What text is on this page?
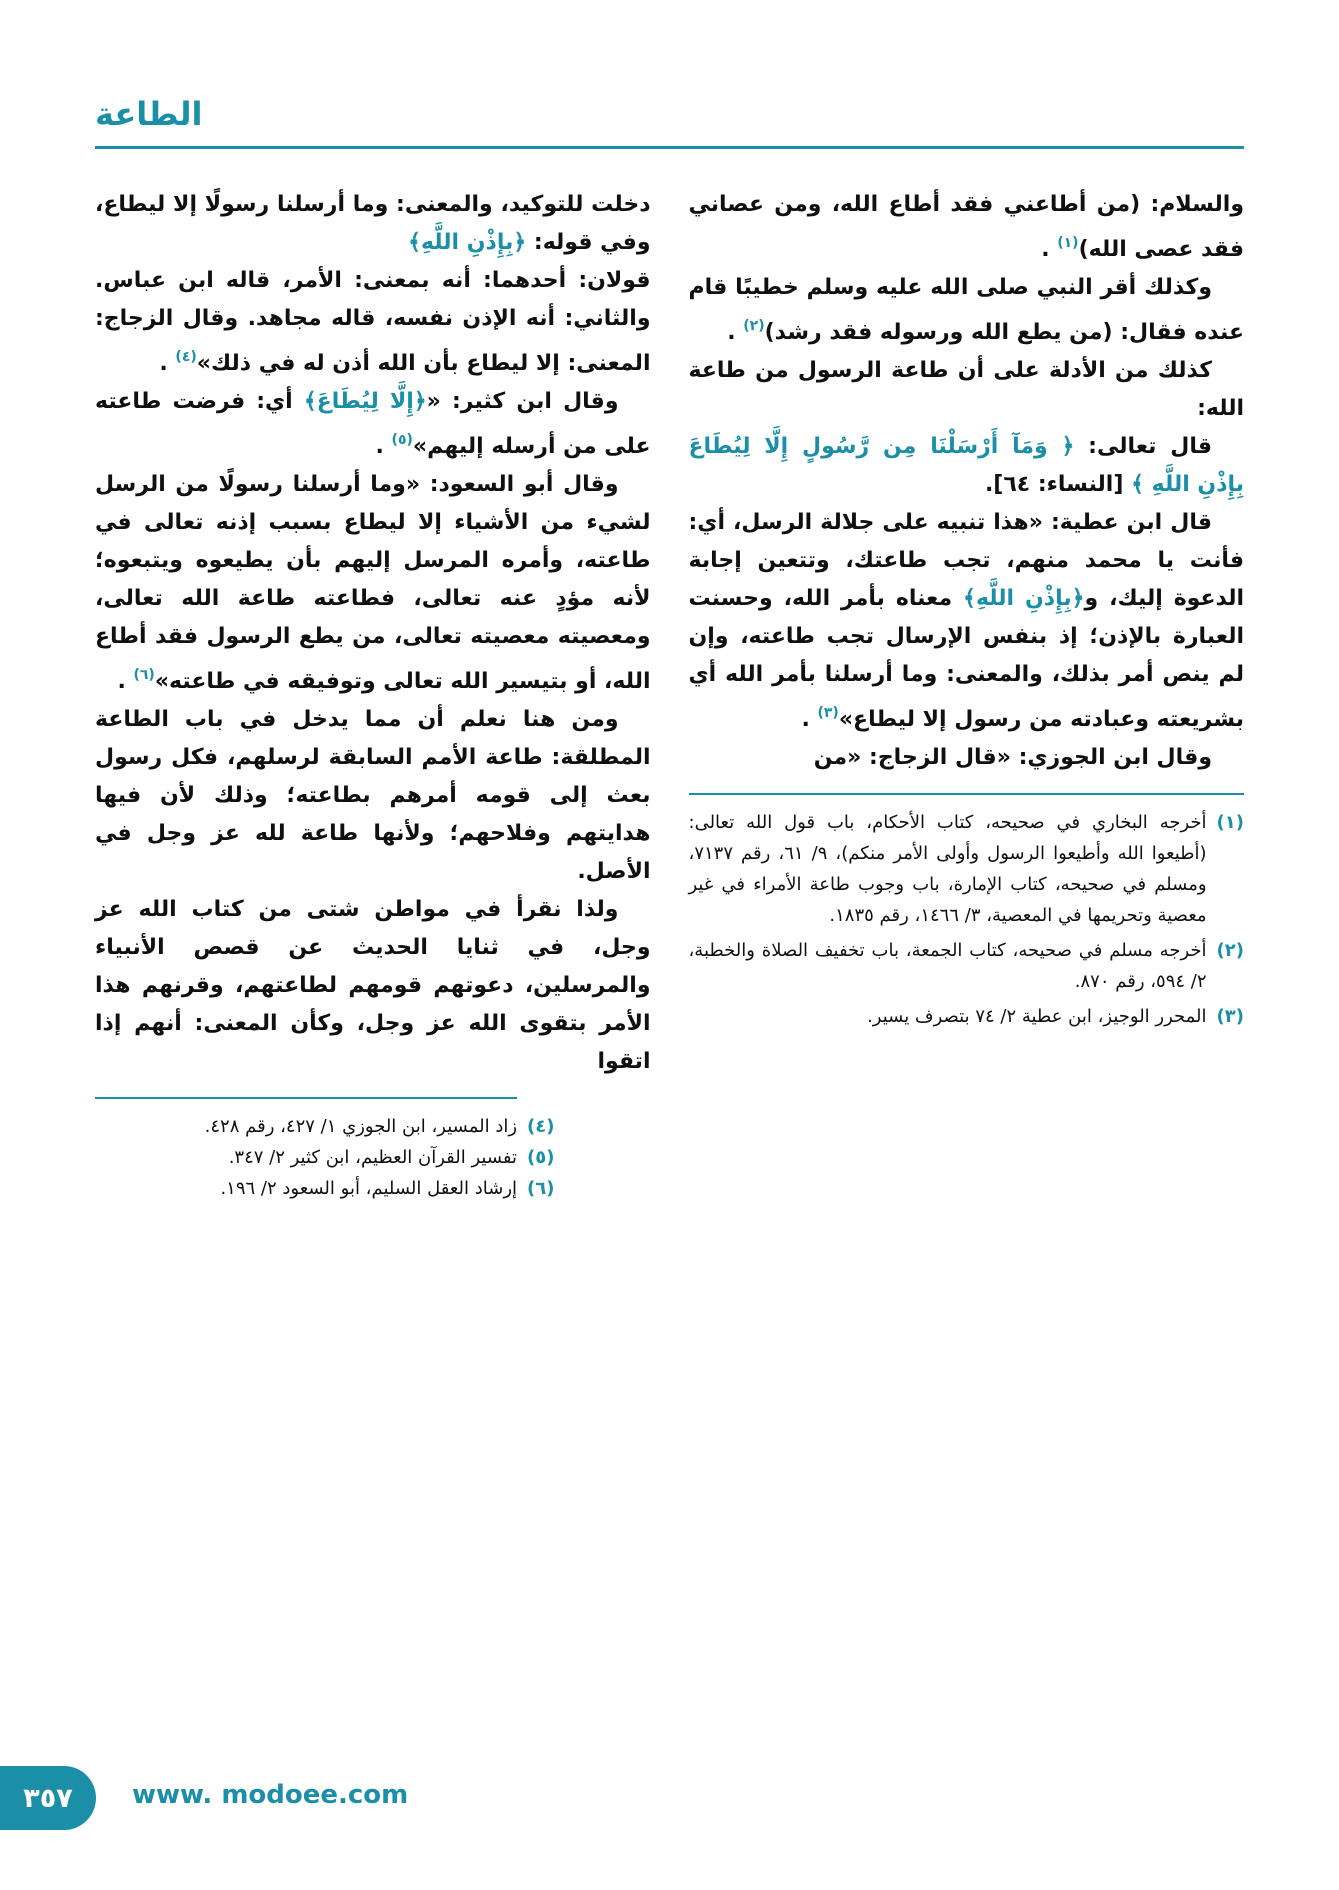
الطاعة

والسلام: (من أطاعني فقد أطاع الله، ومن عصاني فقد عصى الله)$^{(١)}$ .

وكذلك أقر النبي صلى الله عليه وسلم خطيبًا قام عنده فقال: (من يطع الله ورسوله فقد رشد)$^{(٢)}$ .

كذلك من الأدلة على أن طاعة الرسول من طاعة الله:

قال تعالى: ﴿ وَمَآ أَرْسَلْنَا مِن رَّسُولٍ إِلَّا لِيُطَاعَ بِإِذْنِ اللَّهِ ﴾ [النساء: ٦٤].

قال ابن عطية: «هذا تنبيه على جلالة الرسل، أي: فأنت يا محمد منهم، تجب طاعتك، وتتعين إجابة الدعوة إليك، و﴿بِإِذْنِ اللَّهِ﴾ معناه بأمر الله، وحسنت العبارة بالإذن؛ إذ بنفس الإرسال تجب طاعته، وإن لم ينص أمر بذلك، والمعنى: وما أرسلنا بأمر الله أي بشريعته وعبادته من رسول إلا ليطاع»$^{(٣)}$ .

وقال ابن الجوزي: «قال الزجاج: «من

(١)
أخرجه البخاري في صحيحه، كتاب الأحكام، باب قول الله تعالى: (أطيعوا الله وأطيعوا الرسول وأولى الأمر منكم)، ٩/ ٦١، رقم ٧١٣٧، ومسلم في صحيحه، كتاب الإمارة، باب وجوب طاعة الأمراء في غير معصية وتحريمها في المعصية، ٣/ ١٤٦٦، رقم ١٨٣٥.
(٢)
أخرجه مسلم في صحيحه، كتاب الجمعة، باب تخفيف الصلاة والخطبة، ٢/ ٥٩٤، رقم ٨٧٠.
(٣)
المحرر الوجيز، ابن عطية ٢/ ٧٤ بتصرف يسير.

دخلت للتوكيد، والمعنى: وما أرسلنا رسولًا إلا ليطاع، وفي قوله: ﴿بِإِذْنِ اللَّهِ﴾

قولان: أحدهما: أنه بمعنى: الأمر، قاله ابن عباس. والثاني: أنه الإذن نفسه، قاله مجاهد. وقال الزجاج: المعنى: إلا ليطاع بأن الله أذن له في ذلك»$^{(٤)}$ .

وقال ابن كثير: «﴿إِلَّا لِيُطَاعَ﴾ أي: فرضت طاعته على من أرسله إليهم»$^{(٥)}$ .

وقال أبو السعود: «وما أرسلنا رسولًا من الرسل لشيء من الأشياء إلا ليطاع بسبب إذنه تعالى في طاعته، وأمره المرسل إليهم بأن يطيعوه ويتبعوه؛ لأنه مؤدٍ عنه تعالى، فطاعته طاعة الله تعالى، ومعصيته معصيته تعالى، من يطع الرسول فقد أطاع الله، أو بتيسير الله تعالى وتوفيقه في طاعته»$^{(٦)}$ .

ومن هنا نعلم أن مما يدخل في باب الطاعة المطلقة: طاعة الأمم السابقة لرسلهم، فكل رسول بعث إلى قومه أمرهم بطاعته؛ وذلك لأن فيها هدايتهم وفلاحهم؛ ولأنها طاعة لله عز وجل في الأصل.

ولذا نقرأ في مواطن شتى من كتاب الله عز وجل، في ثنايا الحديث عن قصص الأنبياء والمرسلين، دعوتهم قومهم لطاعتهم، وقرنهم هذا الأمر بتقوى الله عز وجل، وكأن المعنى: أنهم إذا اتقوا

(٤)
زاد المسير، ابن الجوزي ١/ ٤٢٧، رقم ٤٢٨.
(٥)
تفسير القرآن العظيم، ابن كثير ٢/ ٣٤٧.
(٦)
إرشاد العقل السليم، أبو السعود ٢/ ١٩٦.
٣٥٧ www. modoee.com
